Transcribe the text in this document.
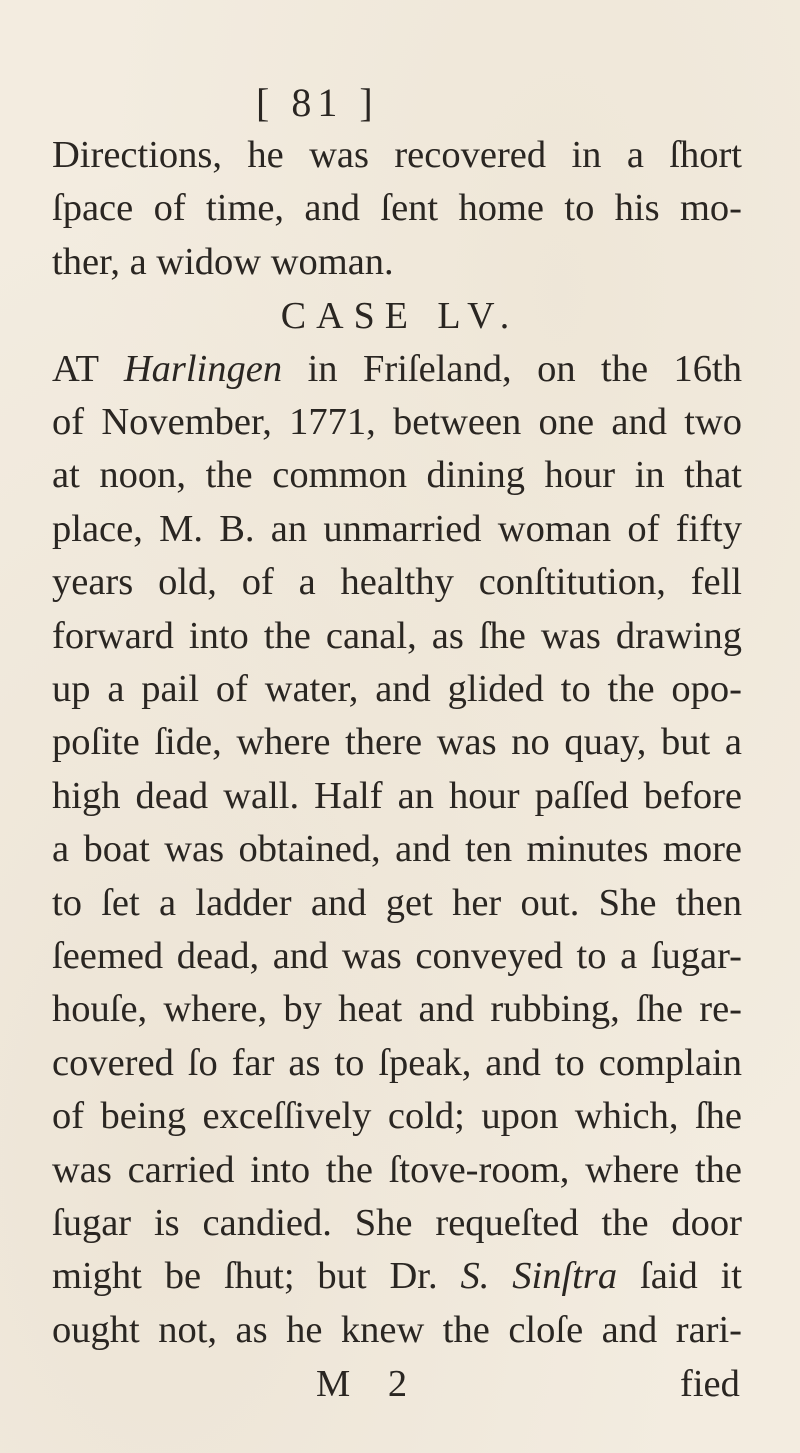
[ 81 ]
Directions, he was recovered in a ſhort
ſpace of time, and ſent home to his mo-
ther, a widow woman.
CASE LV.
AT Harlingen in Friſeland, on the 16th
of November, 1771, between one and two
at noon, the common dining hour in that
place, M. B. an unmarried woman of fifty
years old, of a healthy conſtitution, fell
forward into the canal, as ſhe was drawing
up a pail of water, and glided to the opo-
poſite ſide, where there was no quay, but a
high dead wall. Half an hour paſſed before
a boat was obtained, and ten minutes more
to ſet a ladder and get her out. She then
ſeemed dead, and was conveyed to a ſugar-
houſe, where, by heat and rubbing, ſhe re-
covered ſo far as to ſpeak, and to complain
of being exceſſively cold; upon which, ſhe
was carried into the ſtove-room, where the
ſugar is candied. She requeſted the door
might be ſhut; but Dr. S. Sinſtra ſaid it
ought not, as he knew the cloſe and rari-
M 2	fied
